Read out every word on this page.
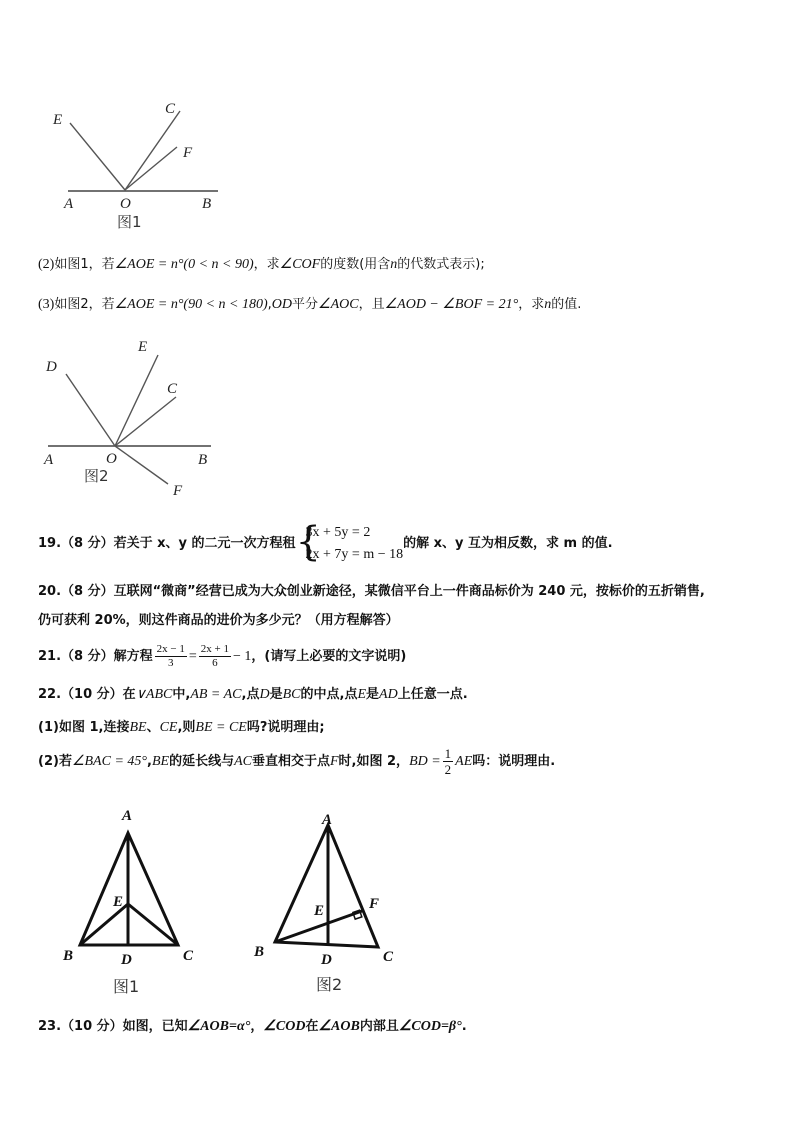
E
C
F
A	O	B
图1
(2)如图1，若∠AOE = n°(0 < n < 90)，求∠COF的度数(用含n的代数式表示);
(3)如图2，若∠AOE = n°(90 < n < 180),OD平分∠AOC，且∠AOD − ∠BOF = 21°，求n的值.
D
E
C
A	O	B
F
图2
19.（8 分）若关于 x、y 的二元一次方程租 {
3x + 5y = 2
2x + 7y = m − 18
的解 x、y 互为相反数，求 m 的值.
20.（8 分）互联网“微商”经营已成为大众创业新途径，某微信平台上一件商品标价为 240 元，按标价的五折销售,
仍可获利 20%，则这件商品的进价为多少元？（用方程解答）
21.（8 分）解方程 $\frac{2x - 1}{3} = \frac{2x + 1}{6} - 1$，(请写上必要的文字说明)
22.（10 分）在∨ABC中,AB = AC,点D是BC的中点,点E是AD上任意一点.
(1)如图 1,连接BE、CE,则BE = CE吗?说明理由;
(2)若∠BAC = 45°,BE的延长线与AC垂直相交于点F时,如图 2，BD = $\frac{1}{2}$ AE吗：说明理由.
A
E
B	D	C
图1
A
E	F
B	D	C
图2
23.（10 分）如图，已知∠AOB=α°，∠COD在∠AOB内部且∠COD=β°.
